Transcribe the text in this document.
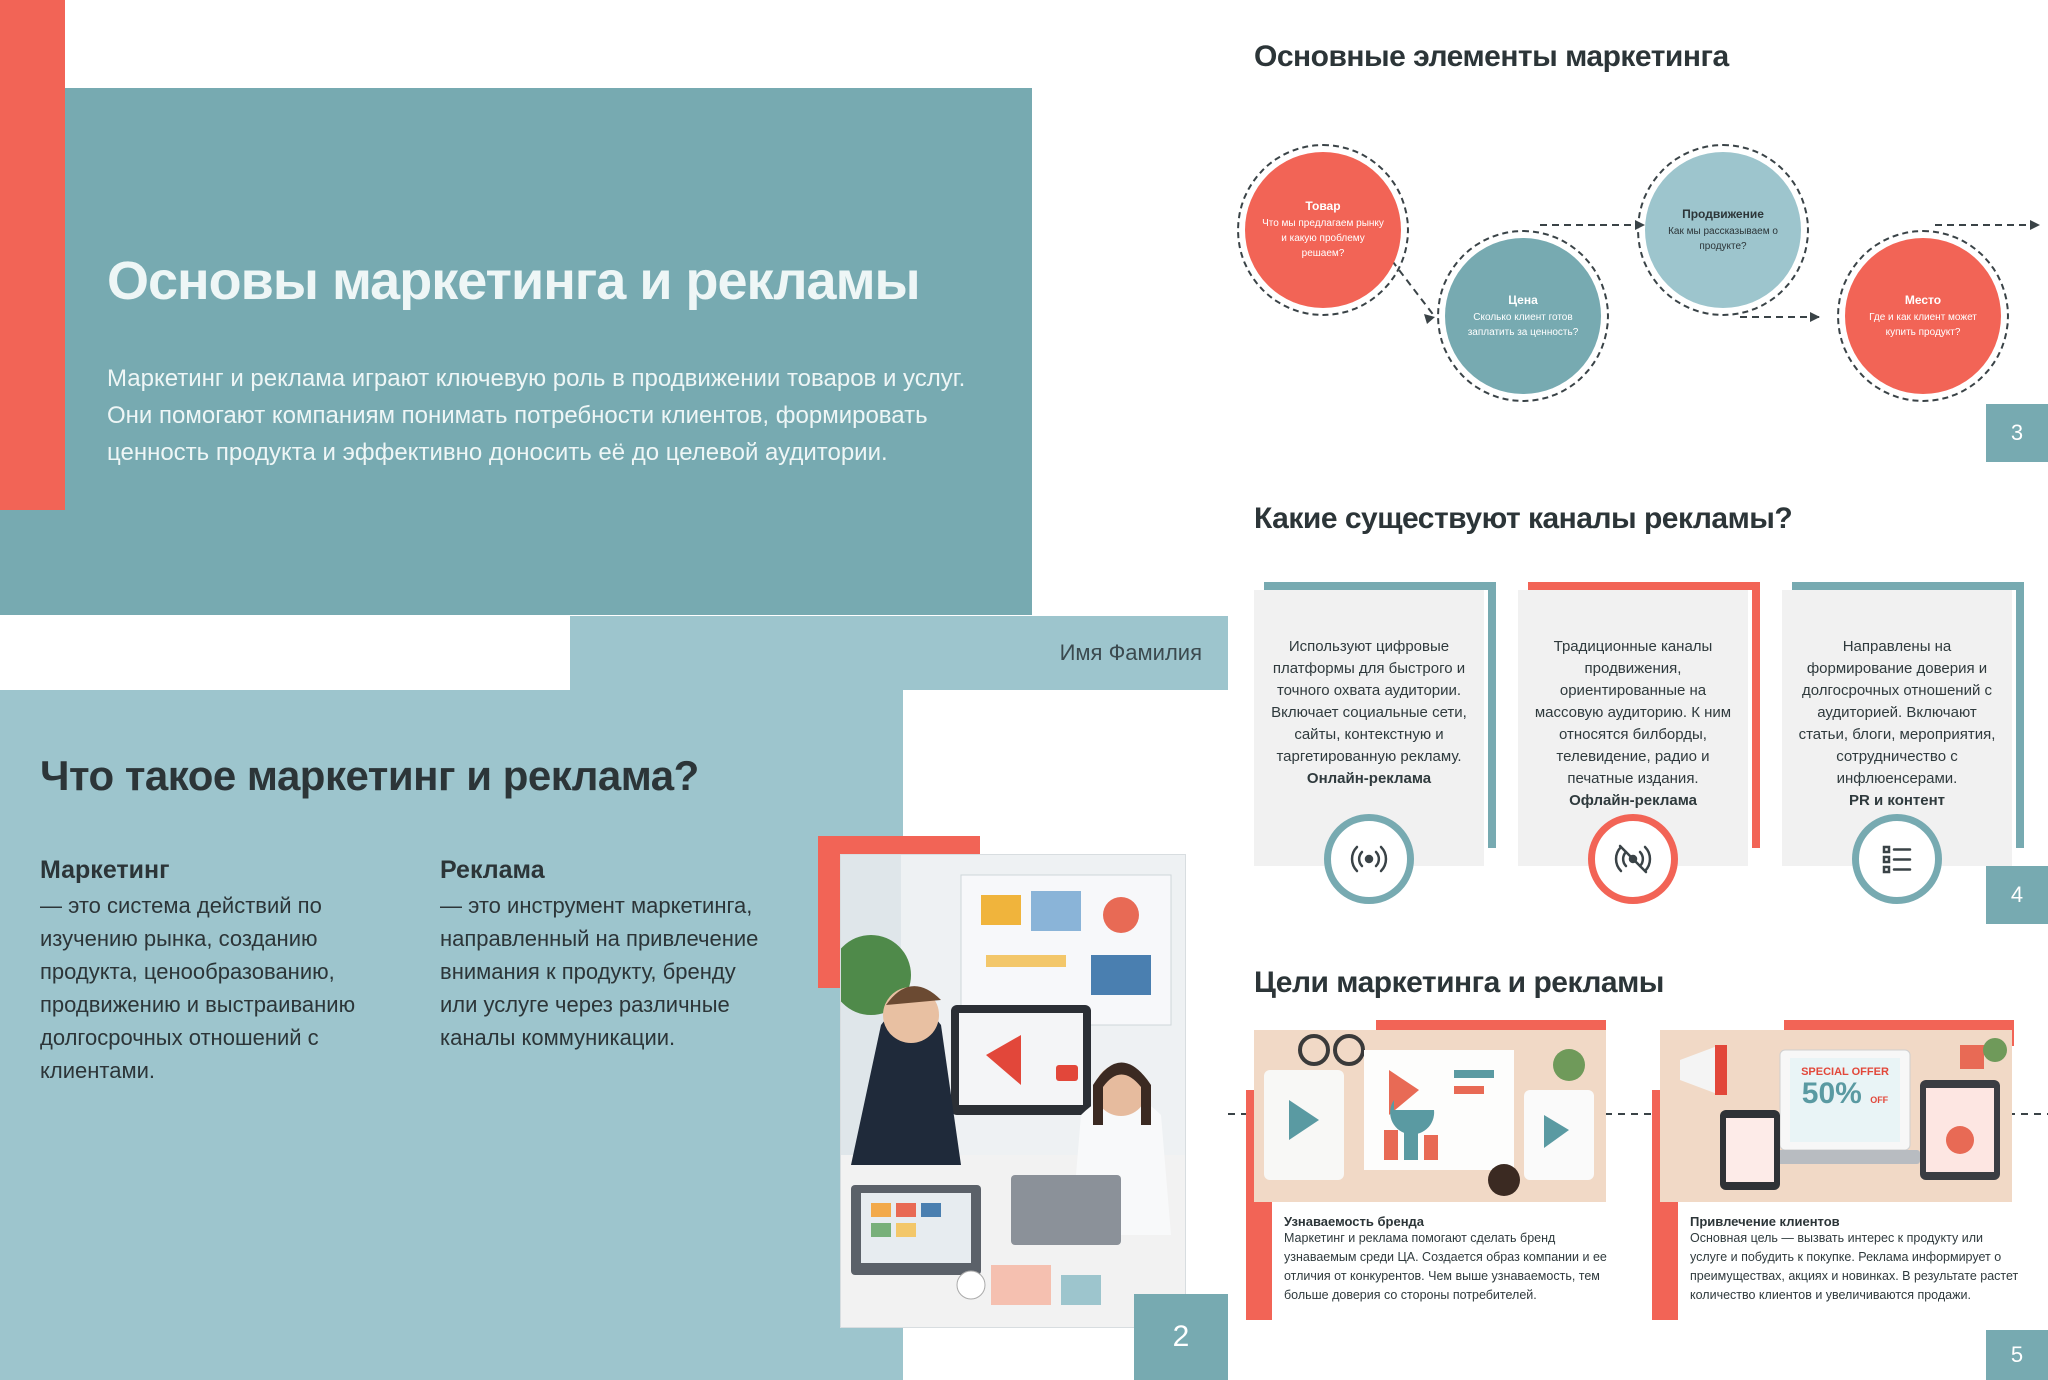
Основы маркетинга и рекламы

Маркетинг и реклама играют ключевую роль в продвижении товаров и услуг. Они помогают компаниям понимать потребности клиентов, формировать ценность продукта и эффективно доносить её до целевой аудитории.

Имя Фамилия
Что такое маркетинг и реклама?
Маркетинг
— это система действий по изучению рынка, созданию продукта, ценообразованию, продвижению и выстраиванию долгосрочных отношений с клиентами.
Реклама
— это инструмент маркетинга, направленный на привлечение внимания к продукту, бренду или услуге через различные каналы коммуникации.
2
Основные элементы маркетинга
Товар
Что мы предлагаем рынку и какую проблему решаем?
Цена
Сколько клиент готов заплатить за ценность?
Продвижение
Как мы рассказываем о продукте?
Место
Где и как клиент может купить продукт?
3
Какие существуют каналы рекламы?
Используют цифровые платформы для быстрого и точного охвата аудитории. Включает социальные сети, сайты, контекстную и таргетированную рекламу.
Онлайн-реклама
Традиционные каналы продвижения, ориентированные на массовую аудиторию. К ним относятся билборды, телевидение, радио и печатные издания.
Офлайн-реклама
Направлены на формирование доверия и долгосрочных отношений с аудиторией. Включают статьи, блоги, мероприятия, сотрудничество с инфлюенсерами.
PR и контент
4
Цели маркетинга и рекламы
Узнаваемость бренда
Маркетинг и реклама помогают сделать бренд узнаваемым среди ЦА. Создается образ компании и ее отличия от конкурентов. Чем выше узнаваемость, тем больше доверия со стороны потребителей.
SPECIAL OFFER
50% OFF
Привлечение клиентов
Основная цель — вызвать интерес к продукту или услуге и побудить к покупке. Реклама информирует о преимуществах, акциях и новинках. В результате растет количество клиентов и увеличиваются продажи.
5
